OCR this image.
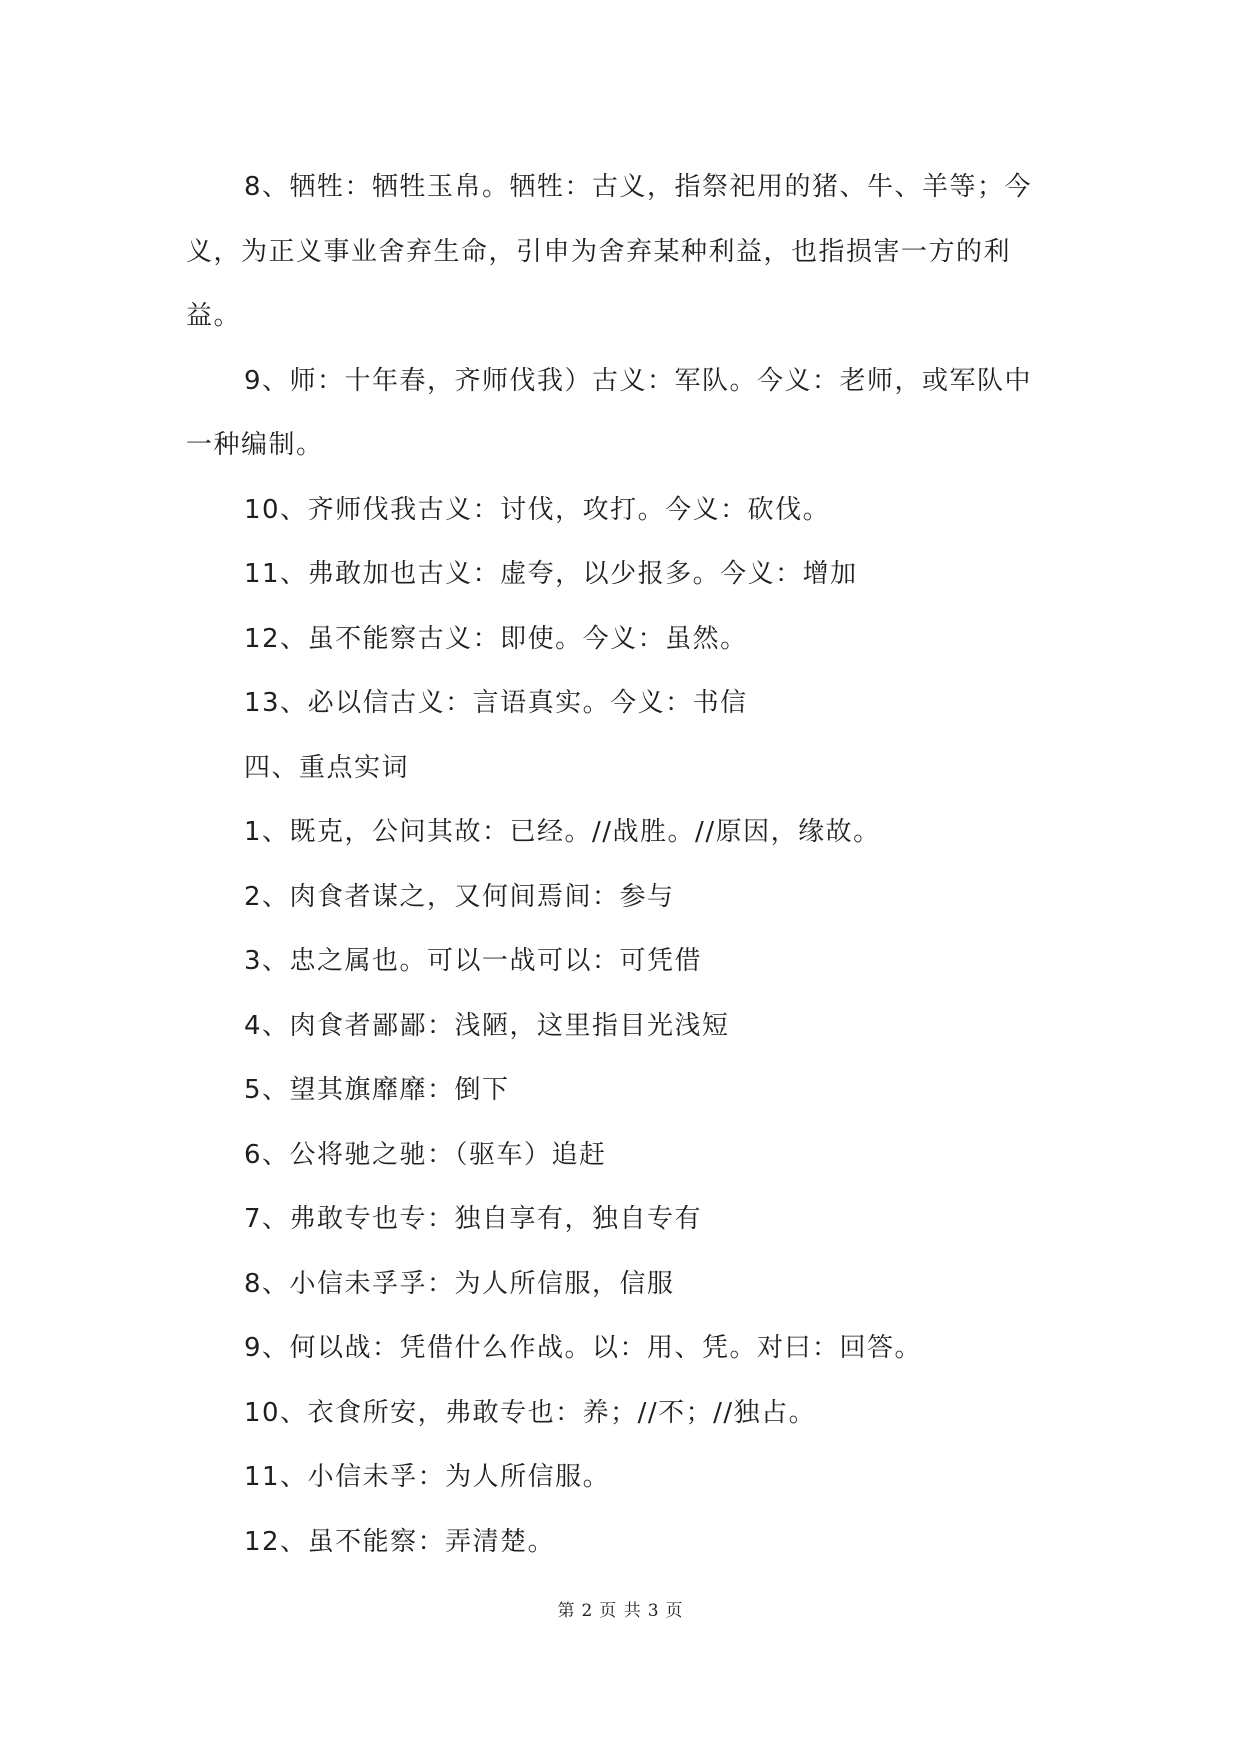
8、牺牲：牺牲玉帛。牺牲：古义，指祭祀用的猪、牛、羊等；今义，为正义事业舍弃生命，引申为舍弃某种利益，也指损害一方的利益。

9、师：十年春，齐师伐我）古义：军队。今义：老师，或军队中一种编制。

10、齐师伐我古义：讨伐，攻打。今义：砍伐。

11、弗敢加也古义：虚夸，以少报多。今义：增加

12、虽不能察古义：即使。今义：虽然。

13、必以信古义：言语真实。今义：书信

四、重点实词

1、既克，公问其故：已经。//战胜。//原因，缘故。

2、肉食者谋之，又何间焉间：参与

3、忠之属也。可以一战可以：可凭借

4、肉食者鄙鄙：浅陋，这里指目光浅短

5、望其旗靡靡：倒下

6、公将驰之驰：（驱车）追赶

7、弗敢专也专：独自享有，独自专有

8、小信未孚孚：为人所信服，信服

9、何以战：凭借什么作战。以：用、凭。对曰：回答。

10、衣食所安，弗敢专也：养；//不；//独占。

11、小信未孚：为人所信服。

12、虽不能察：弄清楚。

第 2 页 共 3 页
